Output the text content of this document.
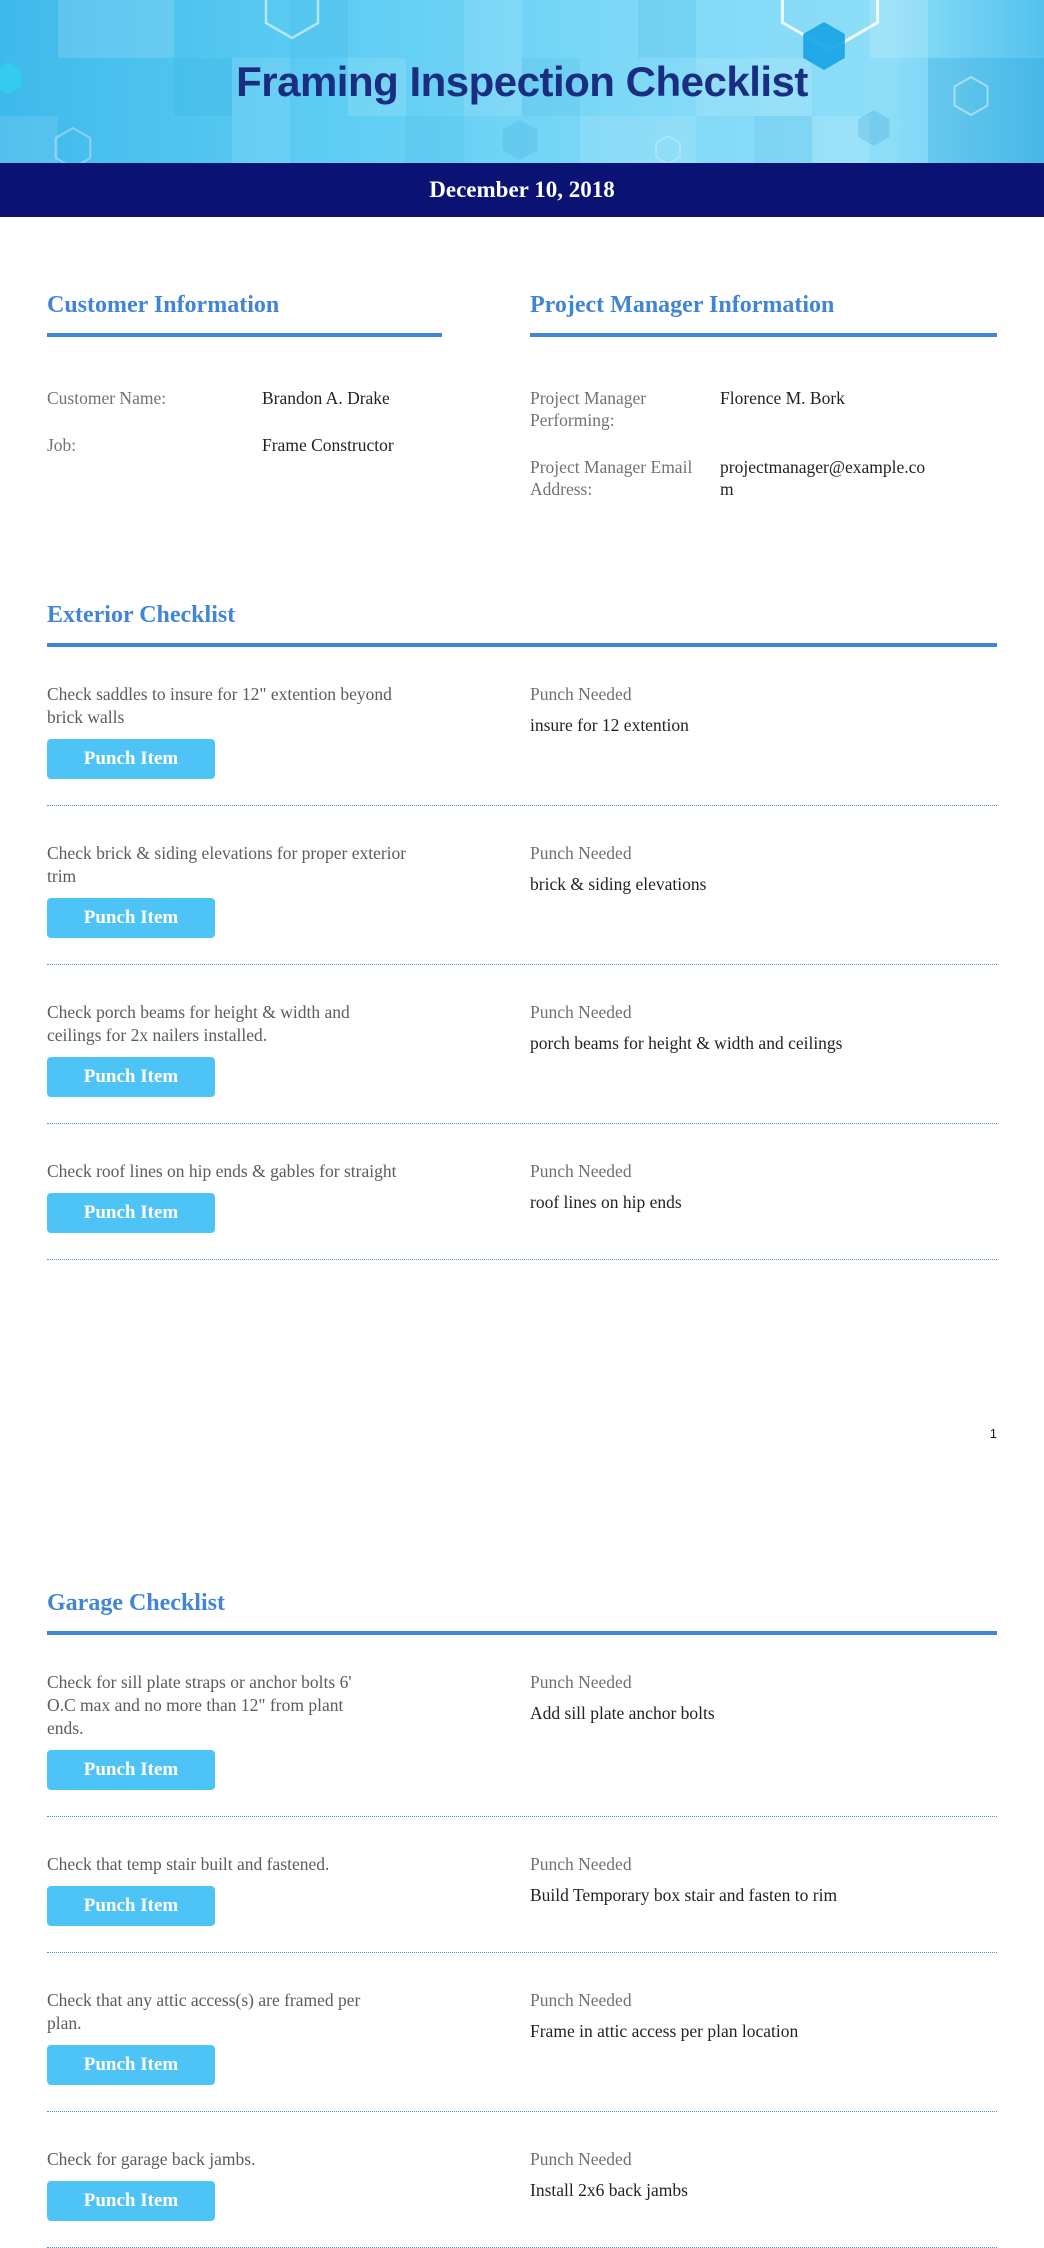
Framing Inspection Checklist
December 10, 2018
Customer Information
Customer Name:	Brandon A. Drake
Job:	Frame Constructor
Project Manager Information
Project Manager Performing:
Florence M. Bork
Project Manager Email Address:
projectmanager@example.com
Exterior Checklist

Check saddles to insure for 12" extention beyond brick walls

Punch Item
Punch Needed
insure for 12 extention

Check brick & siding elevations for proper exterior trim

Punch Item
Punch Needed
brick & siding elevations

Check porch beams for height & width and ceilings for 2x nailers installed.

Punch Item
Punch Needed
porch beams for height & width and ceilings

Check roof lines on hip ends & gables for straight

Punch Item
Punch Needed
roof lines on hip ends
1
Garage Checklist

Check for sill plate straps or anchor bolts 6' O.C max and no more than 12" from plant ends.

Punch Item
Punch Needed
Add sill plate anchor bolts

Check that temp stair built and fastened.

Punch Item
Punch Needed
Build Temporary box stair and fasten to rim

Check that any attic access(s) are framed per plan.

Punch Item
Punch Needed
Frame in attic access per plan location

Check for garage back jambs.

Punch Item
Punch Needed
Install 2x6 back jambs
